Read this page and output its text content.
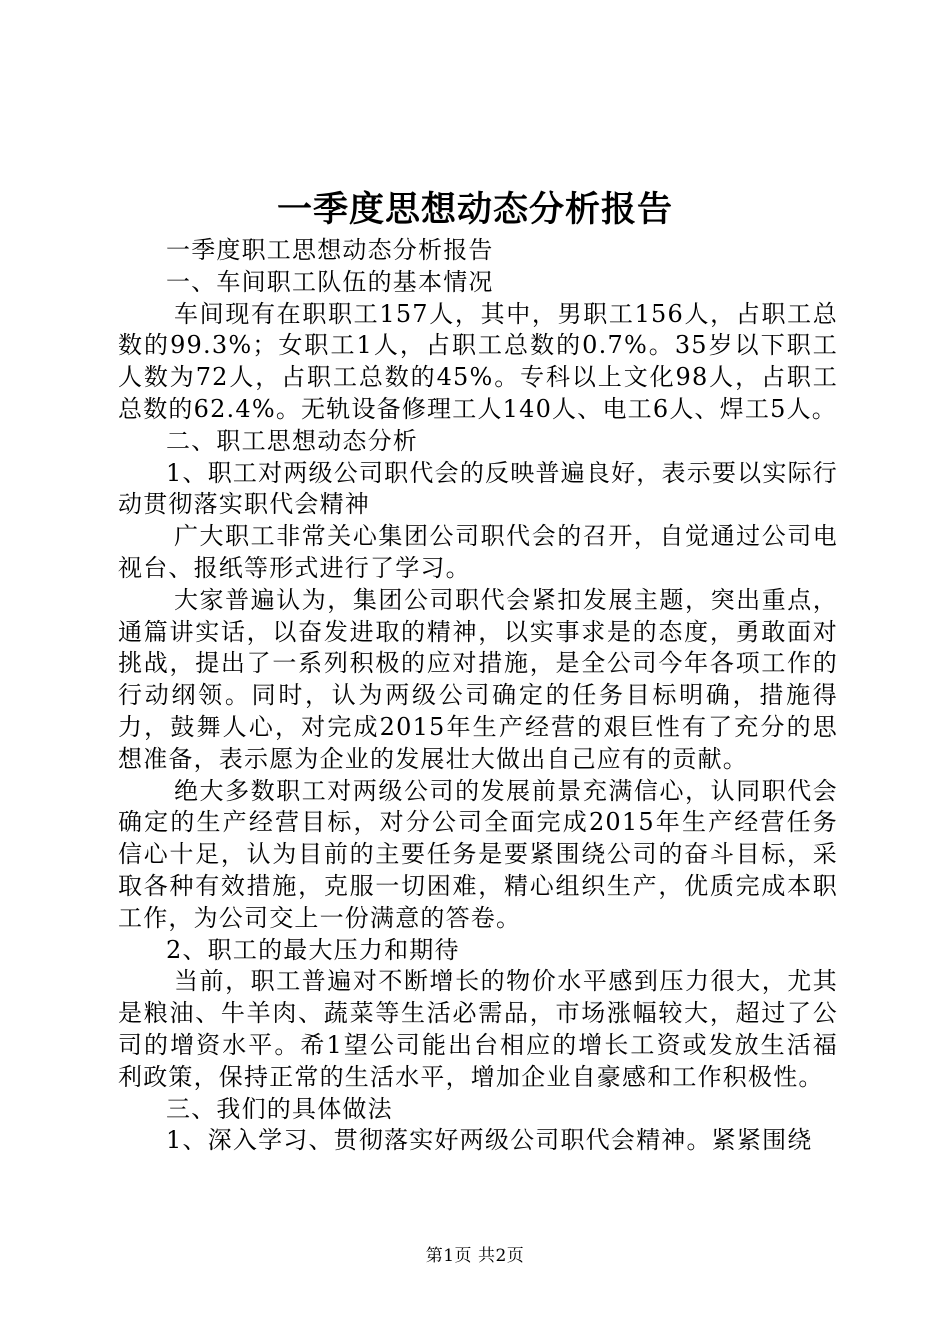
一季度思想动态分析报告

一季度职工思想动态分析报告

一、车间职工队伍的基本情况

车间现有在职职工157人，其中，男职工156人，占职工总数的99.3%；女职工1人，占职工总数的0.7%。35岁以下职工人数为72人，占职工总数的45%。专科以上文化98人，占职工总数的62.4%。无轨设备修理工人140人、电工6人、焊工5人。

二、职工思想动态分析

1、职工对两级公司职代会的反映普遍良好，表示要以实际行动贯彻落实职代会精神

广大职工非常关心集团公司职代会的召开，自觉通过公司电视台、报纸等形式进行了学习。

大家普遍认为，集团公司职代会紧扣发展主题，突出重点，通篇讲实话，以奋发进取的精神，以实事求是的态度，勇敢面对挑战，提出了一系列积极的应对措施，是全公司今年各项工作的行动纲领。同时，认为两级公司确定的任务目标明确，措施得力，鼓舞人心，对完成2015年生产经营的艰巨性有了充分的思想准备，表示愿为企业的发展壮大做出自己应有的贡献。

绝大多数职工对两级公司的发展前景充满信心，认同职代会确定的生产经营目标，对分公司全面完成2015年生产经营任务信心十足，认为目前的主要任务是要紧围绕公司的奋斗目标，采取各种有效措施，克服一切困难，精心组织生产，优质完成本职工作，为公司交上一份满意的答卷。

2、职工的最大压力和期待

当前，职工普遍对不断增长的物价水平感到压力很大，尤其是粮油、牛羊肉、蔬菜等生活必需品，市场涨幅较大，超过了公司的增资水平。希1望公司能出台相应的增长工资或发放生活福利政策，保持正常的生活水平，增加企业自豪感和工作积极性。

三、我们的具体做法

1、深入学习、贯彻落实好两级公司职代会精神。紧紧围绕

第1页 共2页
